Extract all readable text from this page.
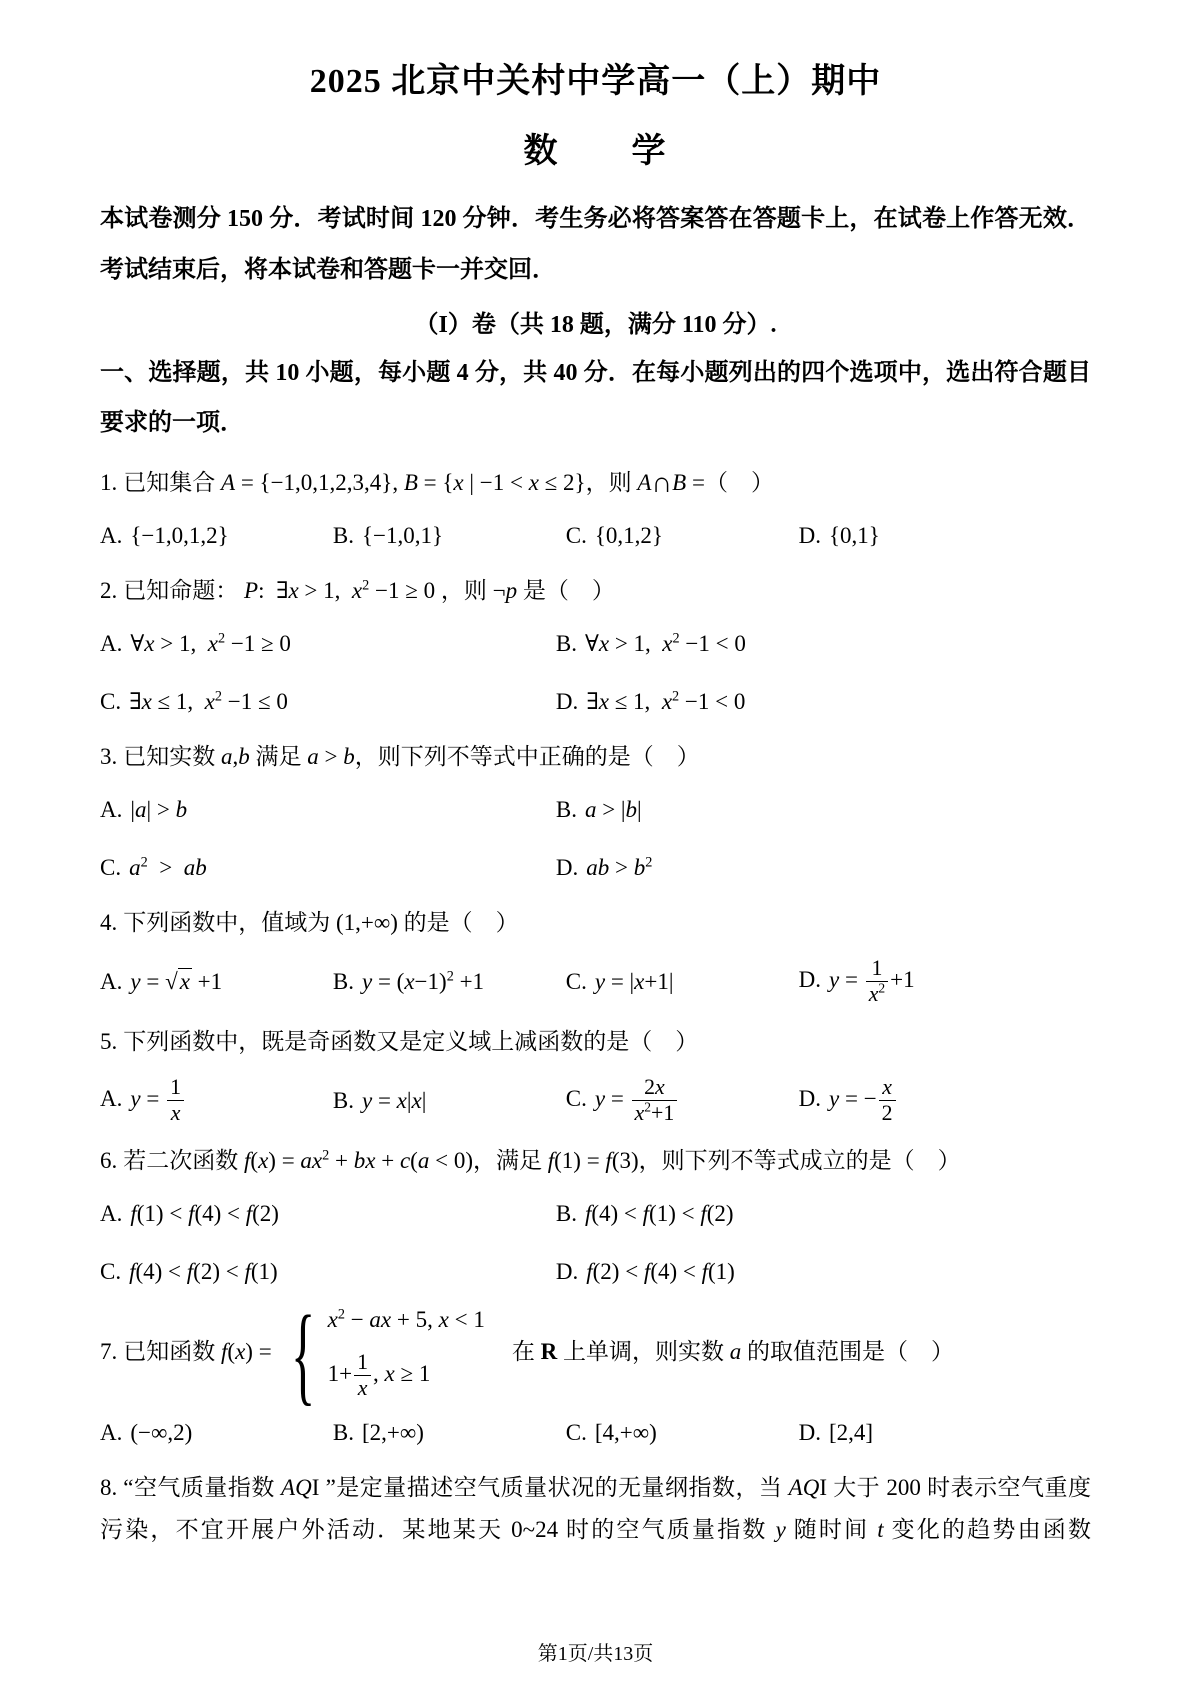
2025 北京中关村中学高一（上）期中
数　　学

本试卷测分 150 分．考试时间 120 分钟．考生务必将答案答在答题卡上，在试卷上作答无效．考试结束后，将本试卷和答题卡一并交回．

（I）卷（共 18 题，满分 110 分）.

一、选择题，共 10 小题，每小题 4 分，共 40 分．在每小题列出的四个选项中，选出符合题目要求的一项．

1. 已知集合 A = {−1,0,1,2,3,4}, B = {x | −1 < x ≤ 2}，则 A∩B =（　）

A. {−1,0,1,2}	B. {−1,0,1}	C. {0,1,2}	D. {0,1}

2. 已知命题： P:  ∃x > 1,  $x^2 -1 \ge 0$ ，则 ¬p 是（　）

A. ∀x > 1,  $x^2 -1 \ge 0$	B. ∀x > 1,  $x^2 -1 < 0$
C. ∃x ≤ 1,  $x^2 -1 \le 0$	D. ∃x ≤ 1,  $x^2 -1 < 0$

3. 已知实数 a,b 满足 a > b，则下列不等式中正确的是（　）

A. |a| > b	B. a > |b|
C. $a^2$  >  ab	D. ab > $b^2$

4. 下列函数中，值域为 (1,+∞) 的是（　）

A. y = √x +1	B. $y = (x-1)^2 +1$	C. y = |x+1|	D. $y = \frac{1}{x^2} +1$

5. 下列函数中，既是奇函数又是定义域上减函数的是（　）

A. $y = \frac{1}{x}$	B. y = x|x|	C. $y = \frac{2x}{x^2+1}$	D. y = − $\frac{x}{2}$

6. 若二次函数 $f(x) = ax^2$ + bx + c(a < 0)，满足 f(1) = f(3)，则下列不等式成立的是（　）

A. f(1) < f(4) < f(2)	B. f(4) < f(1) < f(2)
C. f(4) < f(2) < f(1)	D. f(2) < f(4) < f(1)

7. 已知函数 f(x) = { $x^2$ − ax + 5, x < 1
$1+ \frac{1}{x}$ , x ≥ 1
　在 R 上单调，则实数 a 的取值范围是（　）

A. (−∞,2)	B. [2,+∞)	C. [4,+∞)	D. [2,4]

8. “空气质量指数 AQI ”是定量描述空气质量状况的无量纲指数，当 AQI 大于 200 时表示空气重度污染，不宜开展户外活动．某地某天 0~24 时的空气质量指数 y 随时间 t 变化的趋势由函数

第1页/共13页
